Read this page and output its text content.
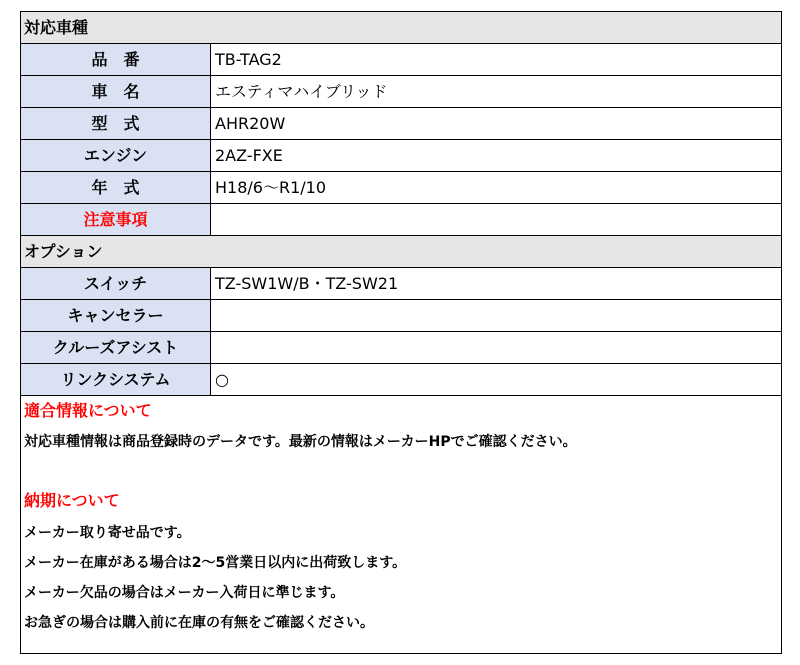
対応車種
品　番	TB-TAG2
車　名	エスティマハイブリッド
型　式	AHR20W
エンジン	2AZ-FXE
年　式	H18/6〜R1/10
注意事項
オプション
スイッチ	TZ-SW1W/B・TZ-SW21
キャンセラー
クルーズアシスト
リンクシステム	○
適合情報について
対応車種情報は商品登録時のデータです。最新の情報はメーカーHPでご確認ください。
納期について
メーカー取り寄せ品です。
メーカー在庫がある場合は2〜5営業日以内に出荷致します。
メーカー欠品の場合はメーカー入荷日に準じます。
お急ぎの場合は購入前に在庫の有無をご確認ください。
